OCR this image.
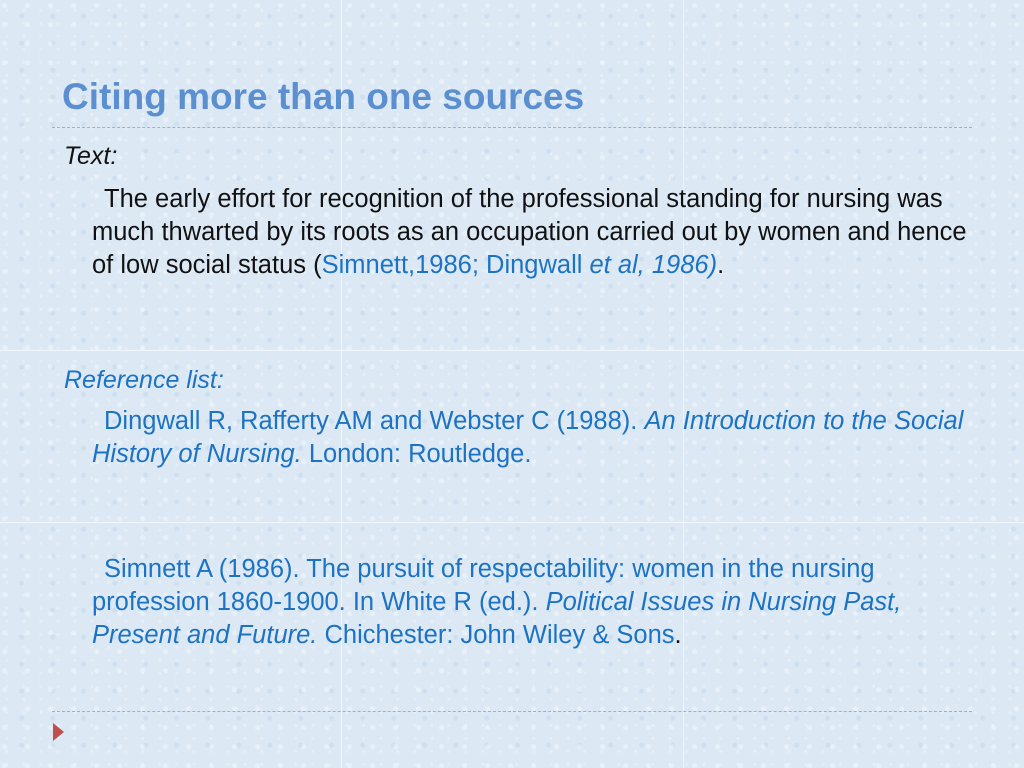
Citing more than one sources
Text:
The early effort for recognition of the professional standing for nursing was much thwarted by its roots as an occupation carried out by women and hence of low social status (Simnett,1986; Dingwall et al, 1986).
Reference list:
Dingwall R, Rafferty AM and Webster C (1988). An Introduction to the Social History of Nursing. London: Routledge.
Simnett A (1986). The pursuit of respectability: women in the nursing profession 1860-1900. In White R (ed.). Political Issues in Nursing Past, Present and Future. Chichester: John Wiley & Sons.
